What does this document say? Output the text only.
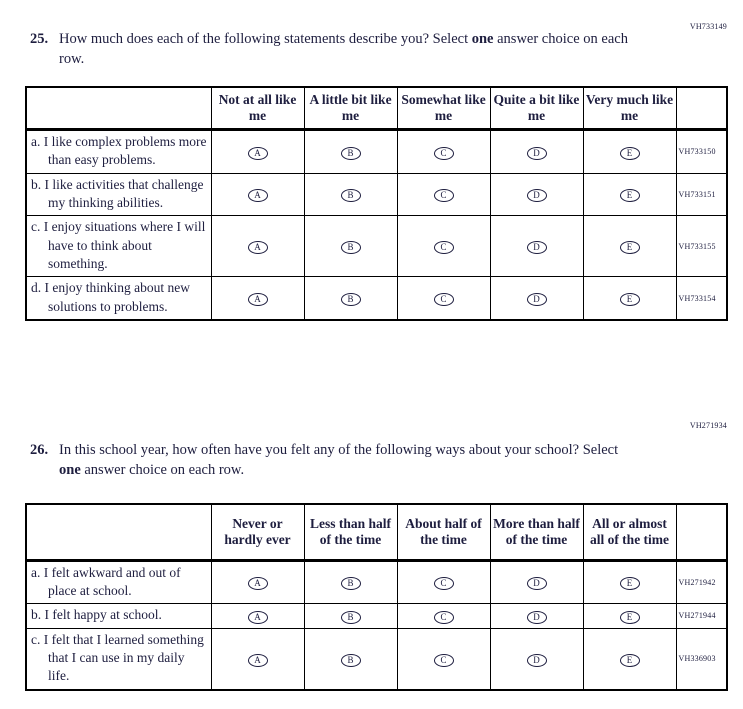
VH733149
25. How much does each of the following statements describe you? Select one answer choice on each row.
	Not at all like me	A little bit like me	Somewhat like me	Quite a bit like me	Very much like me	

a. I like complex problems more than easy problems.	A	B	C	D	E	VH733150

b. I like activities that challenge my thinking abilities.	A	B	C	D	E	VH733151

c. I enjoy situations where I will have to think about something.	A	B	C	D	E	VH733155

d. I enjoy thinking about new solutions to problems.	A	B	C	D	E	VH733154
VH271934
26. In this school year, how often have you felt any of the following ways about your school? Select one answer choice on each row.
	Never or hardly ever	Less than half of the time	About half of the time	More than half of the time	All or almost all of the time	

a. I felt awkward and out of place at school.	A	B	C	D	E	VH271942

b. I felt happy at school.	A	B	C	D	E	VH271944

c. I felt that I learned something that I can use in my daily life.	A	B	C	D	E	VH336903
